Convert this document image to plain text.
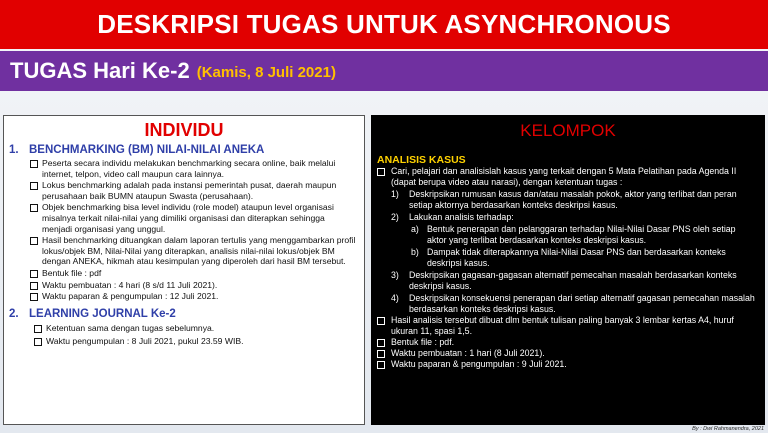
DESKRIPSI TUGAS UNTUK ASYNCHRONOUS
TUGAS Hari Ke-2 (Kamis, 8 Juli 2021)
INDIVIDU
1. BENCHMARKING (BM) NILAI-NILAI ANEKA
Peserta secara individu melakukan benchmarking secara online, baik melalui internet, telpon, video call maupun cara lainnya.
Lokus benchmarking adalah pada instansi pemerintah pusat, daerah maupun perusahaan baik BUMN ataupun Swasta (perusahaan).
Objek benchmarking bisa level individu (role model) ataupun level organisasi misalnya terkait nilai-nilai yang dimiliki organisasi dan diterapkan sehingga menjadi organisasi yang unggul.
Hasil benchmarking dituangkan dalam laporan tertulis yang menggambarkan profil lokus/objek BM, Nilai-Nilai yang diterapkan, analisis nilai-nilai lokus/objek BM dengan ANEKA, hikmah atau kesimpulan yang diperoleh dari hasil BM tersebut.
Bentuk file : pdf
Waktu pembuatan : 4 hari (8 s/d 11 Juli 2021).
Waktu paparan & pengumpulan : 12 Juli 2021.
2. LEARNING JOURNAL Ke-2
Ketentuan sama dengan tugas sebelumnya.
Waktu pengumpulan : 8 Juli 2021, pukul 23.59 WIB.
KELOMPOK
ANALISIS KASUS
Cari, pelajari dan analisislah kasus yang terkait dengan 5 Mata Pelatihan pada Agenda II (dapat berupa video atau narasi), dengan ketentuan tugas :
1) Deskripsikan rumusan kasus dan/atau masalah pokok, aktor yang terlibat dan peran setiap aktornya berdasarkan konteks deskripsi kasus.
2) Lakukan analisis terhadap:
a) Bentuk penerapan dan pelanggaran terhadap Nilai-Nilai Dasar PNS oleh setiap aktor yang terlibat berdasarkan konteks deskripsi kasus.
b) Dampak tidak diterapkannya Nilai-Nilai Dasar PNS dan berdasarkan konteks deskripsi kasus.
3) Deskripsikan gagasan-gagasan alternatif pemecahan masalah berdasarkan konteks deskripsi kasus.
4) Deskripsikan konsekuensi penerapan dari setiap alternatif gagasan pemecahan masalah berdasarkan konteks deskripsi kasus.
Hasil analisis tersebut dibuat dlm bentuk tulisan paling banyak 3 lembar kertas A4, huruf ukuran 11, spasi 1,5.
Bentuk file : pdf.
Waktu pembuatan : 1 hari (8 Juli 2021).
Waktu paparan & pengumpulan : 9 Juli 2021.
By : Dwi Rahmanendra, 2021
